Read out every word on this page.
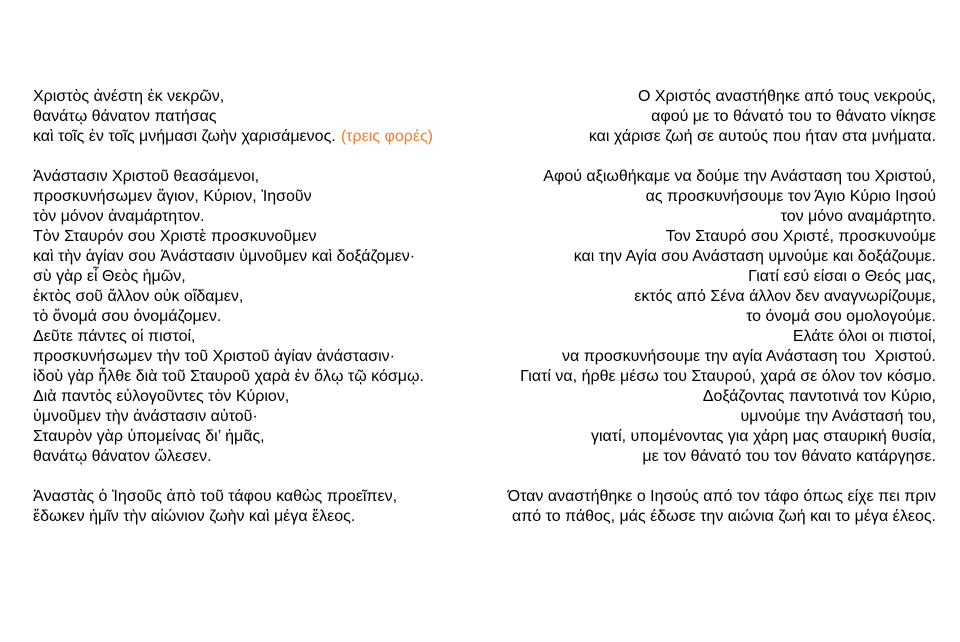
Χριστὸς ἀνέστη ἐκ νεκρῶν,
θανάτῳ θάνατον πατήσας
καὶ τοῖς ἐν τοῖς μνήμασι ζωὴν χαρισάμενος. (τρεις φορές)
Ἀνάστασιν Χριστοῦ θεασάμενοι,
προσκυνήσωμεν ἅγιον, Κύριον, Ἰησοῦν
τὸν μόνον ἀναμάρτητον.
Τὸν Σταυρόν σου Χριστὲ προσκυνοῦμεν
καὶ τὴν ἁγίαν σου Ἀνάστασιν ὑμνοῦμεν καὶ δοξάζομεν·
σὺ γὰρ εἶ Θεὸς ἡμῶν,
ἐκτὸς σοῦ ἄλλον οὐκ οἴδαμεν,
τὸ ὄνομά σου ὀνομάζομεν.
Δεῦτε πάντες οἱ πιστοί,
προσκυνήσωμεν τὴν τοῦ Χριστοῦ ἁγίαν ἀνάστασιν·
ἰδοὺ γὰρ ἦλθε διὰ τοῦ Σταυροῦ χαρὰ ἐν ὅλῳ τῷ κόσμῳ.
Διὰ παντὸς εὐλογοῦντες τὸν Κύριον,
ὑμνοῦμεν τὴν ἀνάστασιν αὐτοῦ·
Σταυρὸν γὰρ ὑπομείνας δι’ ἡμᾶς,
θανάτῳ θάνατον ὤλεσεν.
Ἀναστὰς ὁ Ἰησοῦς ἀπὸ τοῦ τάφου καθὼς προεῖπεν,
ἔδωκεν ἡμῖν τὴν αἰώνιον ζωὴν καὶ μέγα ἔλεος.
Ο Χριστός αναστήθηκε από τους νεκρούς,
αφού με το θάνατό του το θάνατο νίκησε
και χάρισε ζωή σε αυτούς που ήταν στα μνήματα.
Αφού αξιωθήκαμε να δούμε την Ανάσταση του Χριστού,
ας προσκυνήσουμε τον Άγιο Κύριο Ιησού
τον μόνο αναμάρτητο.
Τον Σταυρό σου Χριστέ, προσκυνούμε
και την Αγία σου Ανάσταση υμνούμε και δοξάζουμε.
Γιατί εσύ είσαι ο Θεός μας,
εκτός από Σένα άλλον δεν αναγνωρίζουμε,
το όνομά σου ομολογούμε.
Ελάτε όλοι οι πιστοί,
να προσκυνήσουμε την αγία Ανάσταση του  Χριστού.
Γιατί να, ήρθε μέσω του Σταυρού, χαρά σε όλον τον κόσμο.
Δοξάζοντας παντοτινά τον Κύριο,
υμνούμε την Ανάστασή του,
γιατί, υπομένοντας για χάρη μας σταυρική θυσία,
με τον θάνατό του τον θάνατο κατάργησε.
Όταν αναστήθηκε ο Ιησούς από τον τάφο όπως είχε πει πριν
από το πάθος, μάς έδωσε την αιώνια ζωή και το μέγα έλεος.
